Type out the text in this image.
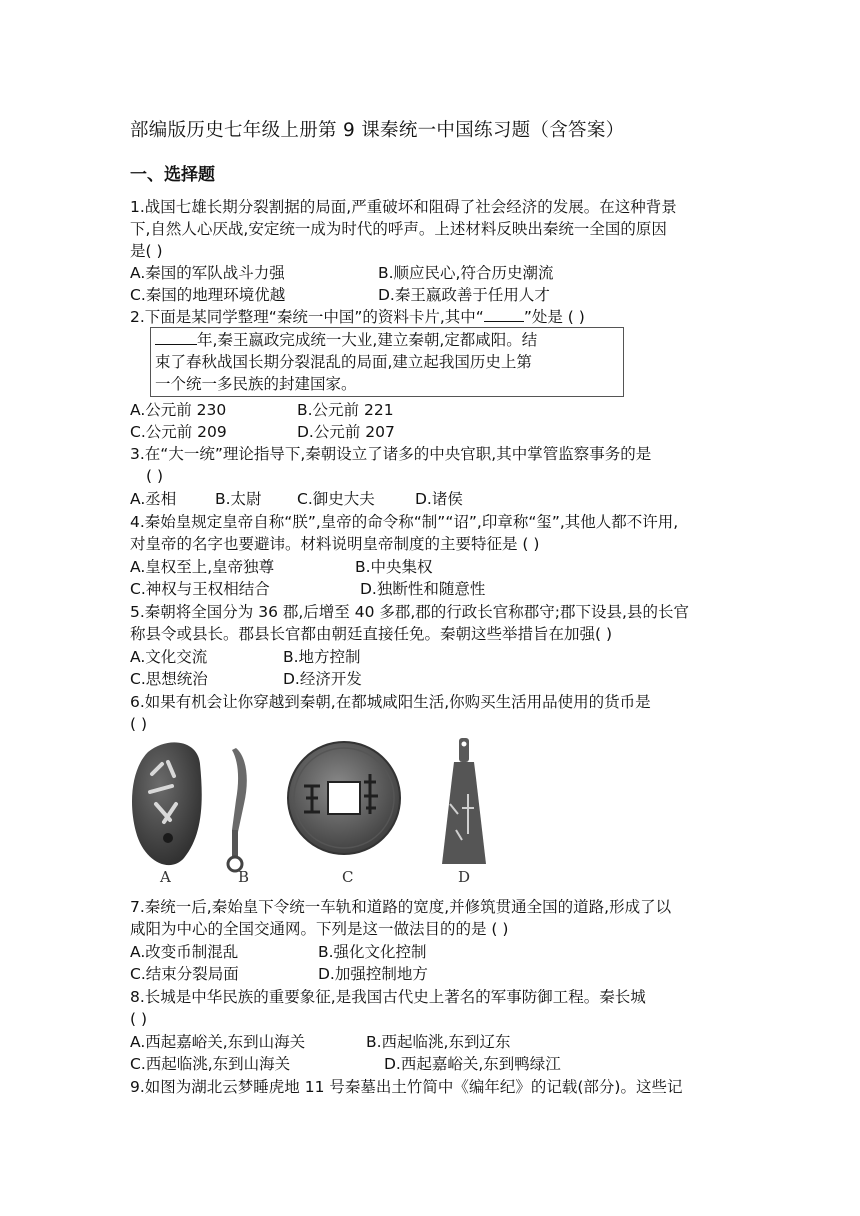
部编版历史七年级上册第 9 课秦统一中国练习题（含答案）
一、选择题
1.战国七雄长期分裂割据的局面,严重破坏和阻碍了社会经济的发展。在这种背景
下,自然人心厌战,安定统一成为时代的呼声。上述材料反映出秦统一全国的原因
是( )
A.秦国的军队战斗力强	B.顺应民心,符合历史潮流
C.秦国的地理环境优越	D.秦王嬴政善于任用人才
2.下面是某同学整理“秦统一中国”的资料卡片,其中“	”处是 ( )
年,秦王嬴政完成统一大业,建立秦朝,定都咸阳。结
束了春秋战国长期分裂混乱的局面,建立起我国历史上第
一个统一多民族的封建国家。
A.公元前 230	B.公元前 221
C.公元前 209	D.公元前 207
3.在“大一统”理论指导下,秦朝设立了诸多的中央官职,其中掌管监察事务的是
( )
A.丞相 B.太尉 C.御史大夫	D.诸侯
4.秦始皇规定皇帝自称“朕”,皇帝的命令称“制”“诏”,印章称“玺”,其他人都不许用,
对皇帝的名字也要避讳。材料说明皇帝制度的主要特征是 ( )
A.皇权至上,皇帝独尊	B.中央集权
C.神权与王权相结合	D.独断性和随意性
5.秦朝将全国分为 36 郡,后增至 40 多郡,郡的行政长官称郡守;郡下设县,县的长官
称县令或县长。郡县长官都由朝廷直接任免。秦朝这些举措旨在加强( )
A.文化交流	B.地方控制
C.思想统治	D.经济开发
6.如果有机会让你穿越到秦朝,在都城咸阳生活,你购买生活用品使用的货币是
( )
A	B	C	D
7.秦统一后,秦始皇下令统一车轨和道路的宽度,并修筑贯通全国的道路,形成了以
咸阳为中心的全国交通网。下列是这一做法目的的是 ( )
A.改变币制混乱	B.强化文化控制
C.结束分裂局面	D.加强控制地方
8.长城是中华民族的重要象征,是我国古代史上著名的军事防御工程。秦长城
( )
A.西起嘉峪关,东到山海关	B.西起临洮,东到辽东
C.西起临洮,东到山海关	D.西起嘉峪关,东到鸭绿江
9.如图为湖北云梦睡虎地 11 号秦墓出土竹简中《编年纪》的记载(部分)。这些记
